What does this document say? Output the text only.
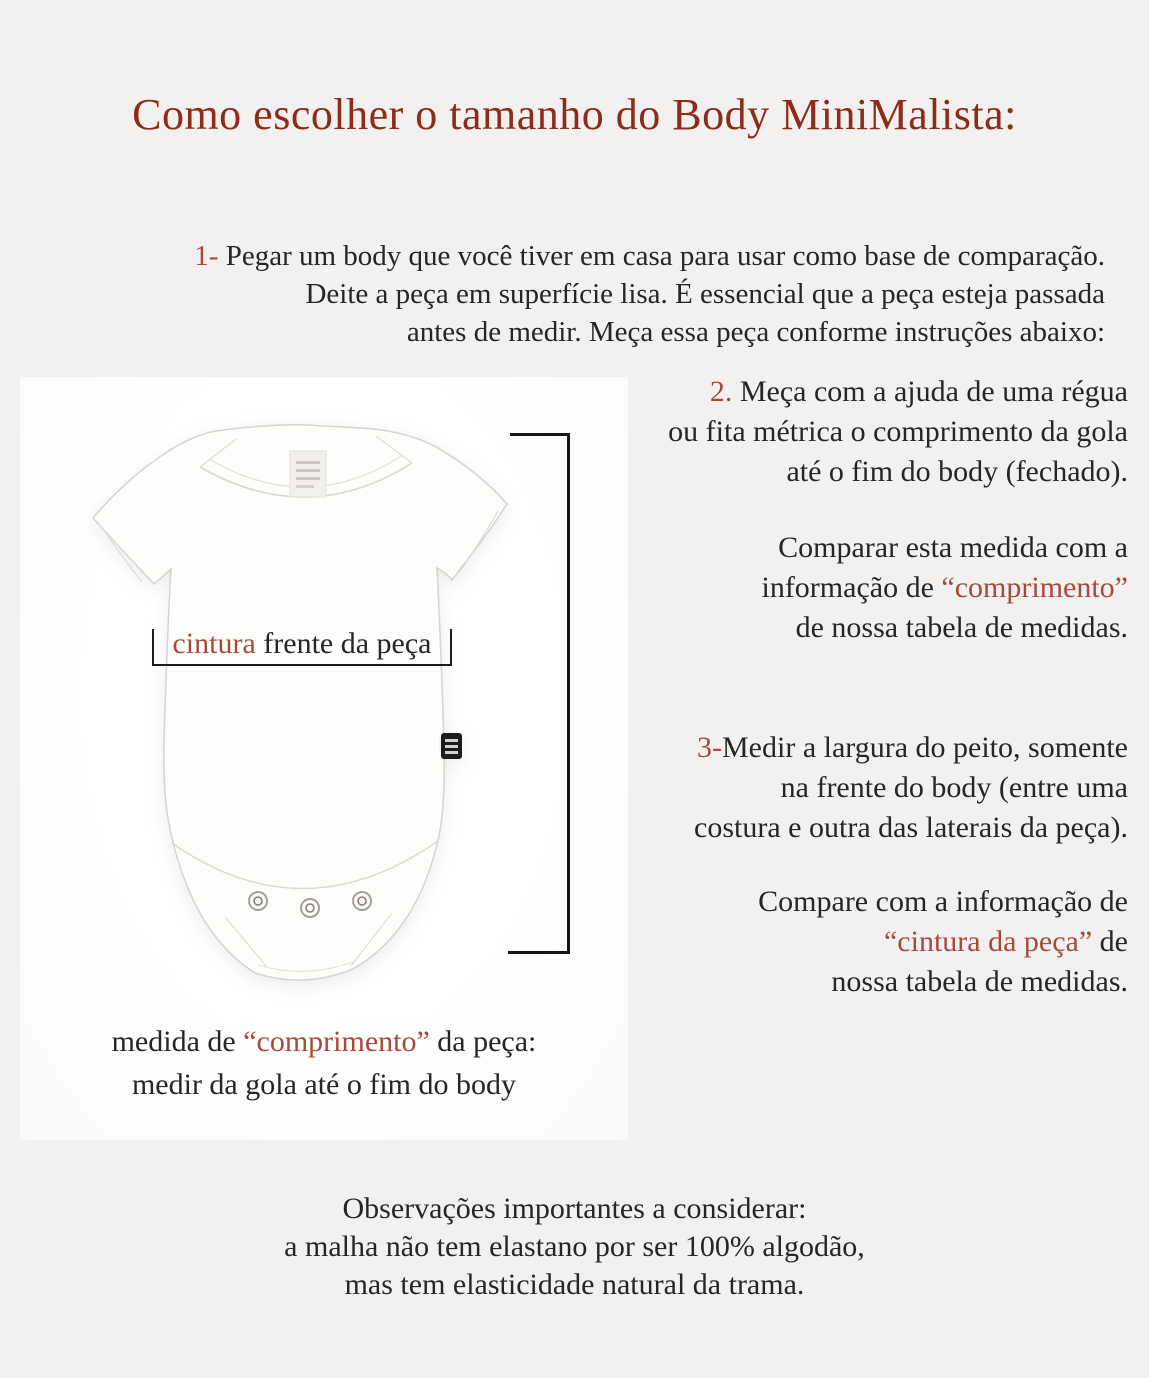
Como escolher o tamanho do Body MiniMalista:

1- Pegar um body que você tiver em casa para usar como base de comparação.
Deite a peça em superfície lisa. É essencial que a peça esteja passada
antes de medir. Meça essa peça conforme instruções abaixo:

cintura frente da peça
medida de “comprimento” da peça:
medir da gola até o fim do body
2. Meça com a ajuda de uma régua
ou fita métrica o comprimento da gola
até o fim do body (fechado).
Comparar esta medida com a
informação de “comprimento”
de nossa tabela de medidas.
3-Medir a largura do peito, somente
na frente do body (entre uma
costura e outra das laterais da peça).
Compare com a informação de
“cintura da peça” de
nossa tabela de medidas.
Observações importantes a considerar:
a malha não tem elastano por ser 100% algodão,
mas tem elasticidade natural da trama.
